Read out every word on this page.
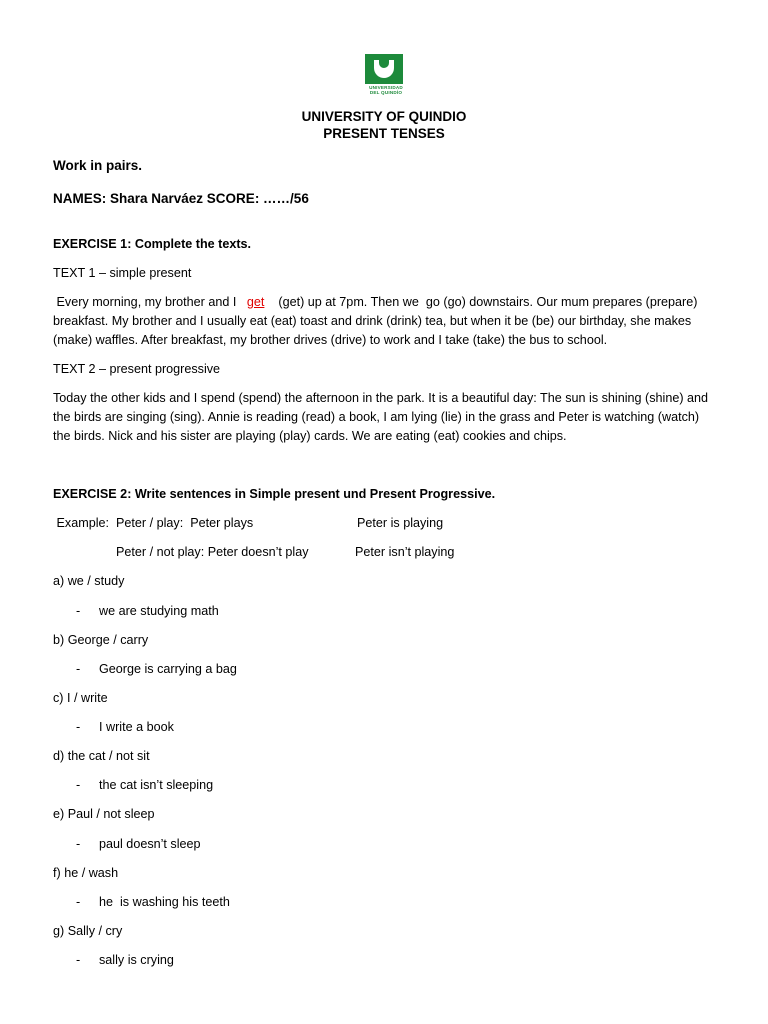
UNIVERSIDAD
DEL QUINDÍO
UNIVERSITY OF QUINDIO
PRESENT TENSES
Work in pairs.
NAMES: Shara Narváez SCORE: ……/56
EXERCISE 1: Complete the texts.
TEXT 1 – simple present
Every morning, my brother and I   get    (get) up at 7pm. Then we  go (go) downstairs. Our mum prepares (prepare)
breakfast. My brother and I usually eat (eat) toast and drink (drink) tea, but when it be (be) our birthday, she makes
(make) waffles. After breakfast, my brother drives (drive) to work and I take (take) the bus to school.
TEXT 2 – present progressive
Today the other kids and I spend (spend) the afternoon in the park. It is a beautiful day: The sun is shining (shine) and
the birds are singing (sing). Annie is reading (read) a book, I am lying (lie) in the grass and Peter is watching (watch)
the birds. Nick and his sister are playing (play) cards. We are eating (eat) cookies and chips.
EXERCISE 2: Write sentences in Simple present und Present Progressive.
Example:  Peter / play:  Peter plays	Peter is playing
Peter / not play: Peter doesn’t play	Peter isn’t playing
a) we / study
- we are studying math
b) George / carry
- George is carrying a bag
c) I / write
- I write a book
d) the cat / not sit
- the cat isn’t sleeping
e) Paul / not sleep
- paul doesn’t sleep
f) he / wash
- he  is washing his teeth
g) Sally / cry
- sally is crying
